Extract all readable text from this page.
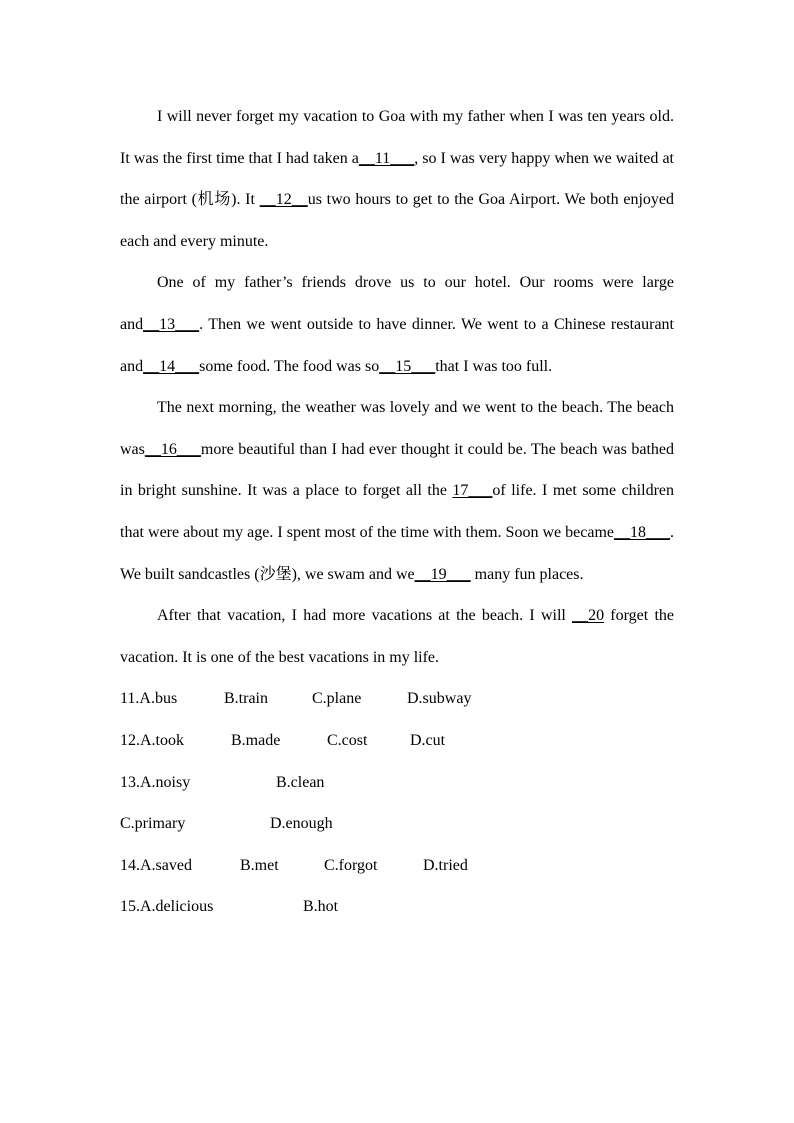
I will never forget my vacation to Goa with my father when I was ten years old. It was the first time that I had taken a__11___, so I was very happy when we waited at the airport (机场). It __12__us two hours to get to the Goa Airport. We both enjoyed each and every minute.

One of my father’s friends drove us to our hotel. Our rooms were large and__13___. Then we went outside to have dinner. We went to a Chinese restaurant and__14___some food. The food was so__15___that I was too full.

The next morning, the weather was lovely and we went to the beach. The beach was__16___more beautiful than I had ever thought it could be. The beach was bathed in bright sunshine. It was a place to forget all the 17___of life. I met some children that were about my age. I spent most of the time with them. Soon we became__18___. We built sandcastles (沙堡), we swam and we__19___ many fun places.

After that vacation, I had more vacations at the beach. I will __20 forget the vacation. It is one of the best vacations in my life.

11.A.bus	B.train	C.plane	D.subway
12.A.took	B.made	C.cost	D.cut
13.A.noisy	B.clean
C.primary	D.enough
14.A.saved	B.met	C.forgot	D.tried
15.A.delicious	B.hot
